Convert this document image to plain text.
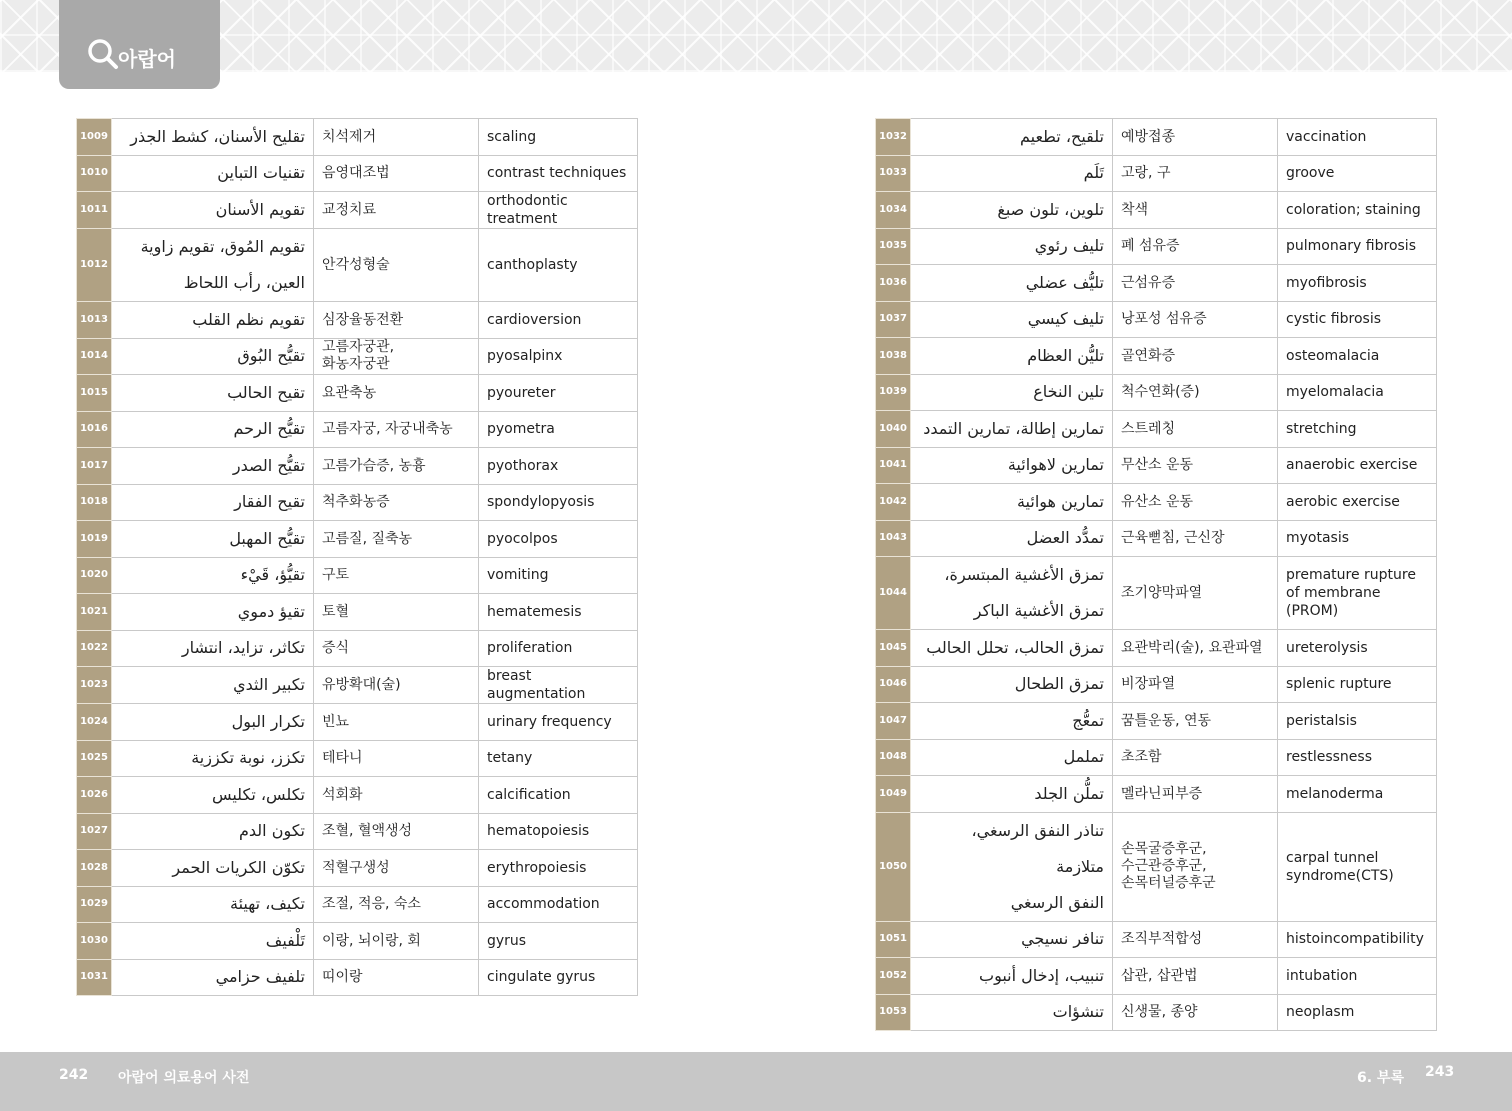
아랍어
1009	تقليح الأسنان، كشط الجذر	치석제거	scaling
1010	تقنيات التباين	음영대조법	contrast techniques
1011	تقويم الأسنان	교정치료	orthodontic treatment
1012	تقويم المُوق، تقويم زاوية
العين، رأب اللحاظ	안각성형술	canthoplasty
1013	تقويم نظم القلب	심장율동전환	cardioversion
1014	تقيُّح البُوق	고름자궁관,
화농자궁관	pyosalpinx
1015	تقيح الحالب	요관축농	pyoureter
1016	تقيُّح الرحم	고름자궁, 자궁내축농	pyometra
1017	تقيُّح الصدر	고름가슴증, 농흉	pyothorax
1018	تقيح الفقار	척추화농증	spondylopyosis
1019	تقيُّح المهبل	고름질, 질축농	pyocolpos
1020	تقيُّؤ، قَيْء	구토	vomiting
1021	تقيؤ دموي	토혈	hematemesis
1022	تكاثر، تزايد، انتشار	증식	proliferation
1023	تكبير الثدي	유방확대(술)	breast augmentation
1024	تكرار البول	빈뇨	urinary frequency
1025	تكزز، نوبة تكززية	테타니	tetany
1026	تكلس، تكليس	석회화	calcification
1027	تكون الدم	조혈, 혈액생성	hematopoiesis
1028	تكوّن الكريات الحمر	적혈구생성	erythropoiesis
1029	تكيف، تهيئة	조절, 적응, 숙소	accommodation
1030	تَلْفيف	이랑, 뇌이랑, 회	gyrus
1031	تلفيف حزامي	띠이랑	cingulate gyrus
1032	تلقيح، تطعيم	예방접종	vaccination
1033	تَلَم	고랑, 구	groove
1034	تلوين، تلون صبغ	착색	coloration; staining
1035	تليف رئوي	폐 섬유증	pulmonary fibrosis
1036	تليُّف عضلي	근섬유증	myofibrosis
1037	تليف كيسي	낭포성 섬유증	cystic fibrosis
1038	تليُّن العظام	골연화증	osteomalacia
1039	تلين النخاع	척수연화(증)	myelomalacia
1040	تمارين إطالة، تمارين التمدد	스트레칭	stretching
1041	تمارين لاهوائية	무산소 운동	anaerobic exercise
1042	تمارين هوائية	유산소 운동	aerobic exercise
1043	تمدُّد العضل	근육뻗침, 근신장	myotasis
1044	تمزق الأغشية المبتسرة،
تمزق الأغشية الباكر	조기양막파열	premature rupture of membrane (PROM)
1045	تمزق الحالب، تحلل الحالب	요관박리(술), 요관파열	ureterolysis
1046	تمزق الطحال	비장파열	splenic rupture
1047	تمعُّج	꿈틀운동, 연동	peristalsis
1048	تململ	초조함	restlessness
1049	تملُّن الجلد	멜라닌피부증	melanoderma
1050	تناذر النفق الرسغي، متلازمة
النفق الرسغي	손목굴증후군,
수근관증후군,
손목터널증후군	carpal tunnel syndrome(CTS)
1051	تنافر نسيجي	조직부적합성	histoincompatibility
1052	تنبيب، إدخال أنبوب	삽관, 삽관법	intubation
1053	تنشؤات	신생물, 종양	neoplasm
242 아랍어 의료용어 사전	6. 부록 243
